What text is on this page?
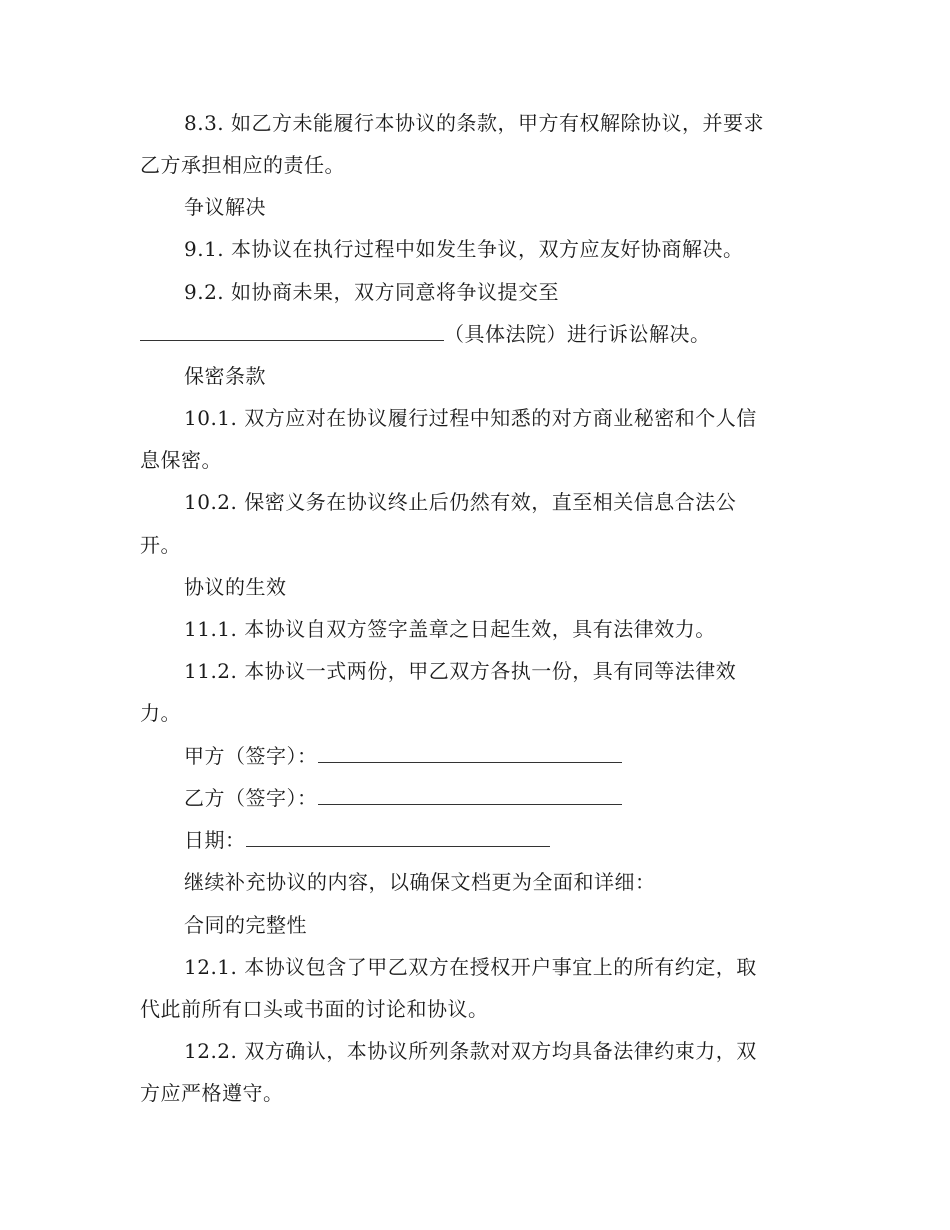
8.3. 如乙方未能履行本协议的条款，甲方有权解除协议，并要求
乙方承担相应的责任。
争议解决
9.1. 本协议在执行过程中如发生争议，双方应友好协商解决。
9.2. 如协商未果，双方同意将争议提交至
（具体法院）进行诉讼解决。
保密条款
10.1. 双方应对在协议履行过程中知悉的对方商业秘密和个人信
息保密。
10.2. 保密义务在协议终止后仍然有效，直至相关信息合法公
开。
协议的生效
11.1. 本协议自双方签字盖章之日起生效，具有法律效力。
11.2. 本协议一式两份，甲乙双方各执一份，具有同等法律效
力。
甲方（签字）：
乙方（签字）：
日期：
继续补充协议的内容，以确保文档更为全面和详细：
合同的完整性
12.1. 本协议包含了甲乙双方在授权开户事宜上的所有约定，取
代此前所有口头或书面的讨论和协议。
12.2. 双方确认，本协议所列条款对双方均具备法律约束力，双
方应严格遵守。
